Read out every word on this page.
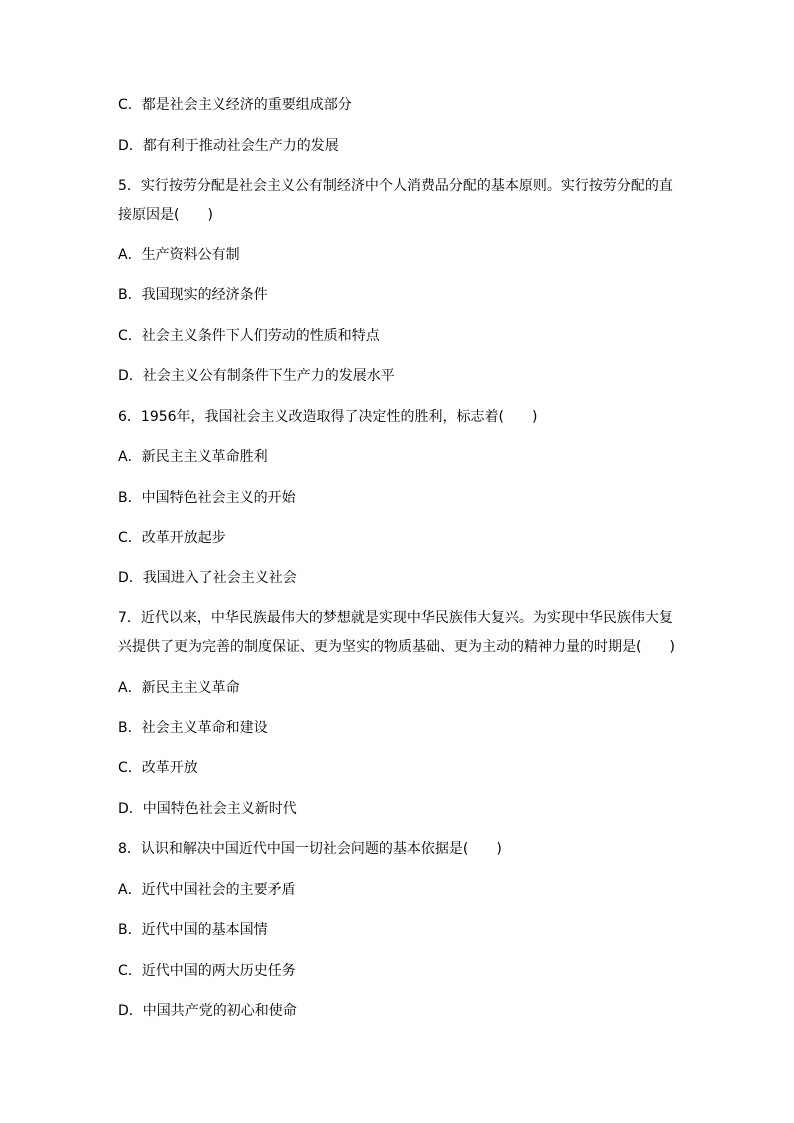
C．都是社会主义经济的重要组成部分
D．都有利于推动社会生产力的发展
5．实行按劳分配是社会主义公有制经济中个人消费品分配的基本原则。实行按劳分配的直
接原因是(　　)
A．生产资料公有制
B．我国现实的经济条件
C．社会主义条件下人们劳动的性质和特点
D．社会主义公有制条件下生产力的发展水平
6．1956年，我国社会主义改造取得了决定性的胜利，标志着(　　)
A．新民主主义革命胜利
B．中国特色社会主义的开始
C．改革开放起步
D．我国进入了社会主义社会
7．近代以来，中华民族最伟大的梦想就是实现中华民族伟大复兴。为实现中华民族伟大复
兴提供了更为完善的制度保证、更为坚实的物质基础、更为主动的精神力量的时期是(　　)
A．新民主主义革命
B．社会主义革命和建设
C．改革开放
D．中国特色社会主义新时代
8．认识和解决中国近代中国一切社会问题的基本依据是(　　)
A．近代中国社会的主要矛盾
B．近代中国的基本国情
C．近代中国的两大历史任务
D．中国共产党的初心和使命
